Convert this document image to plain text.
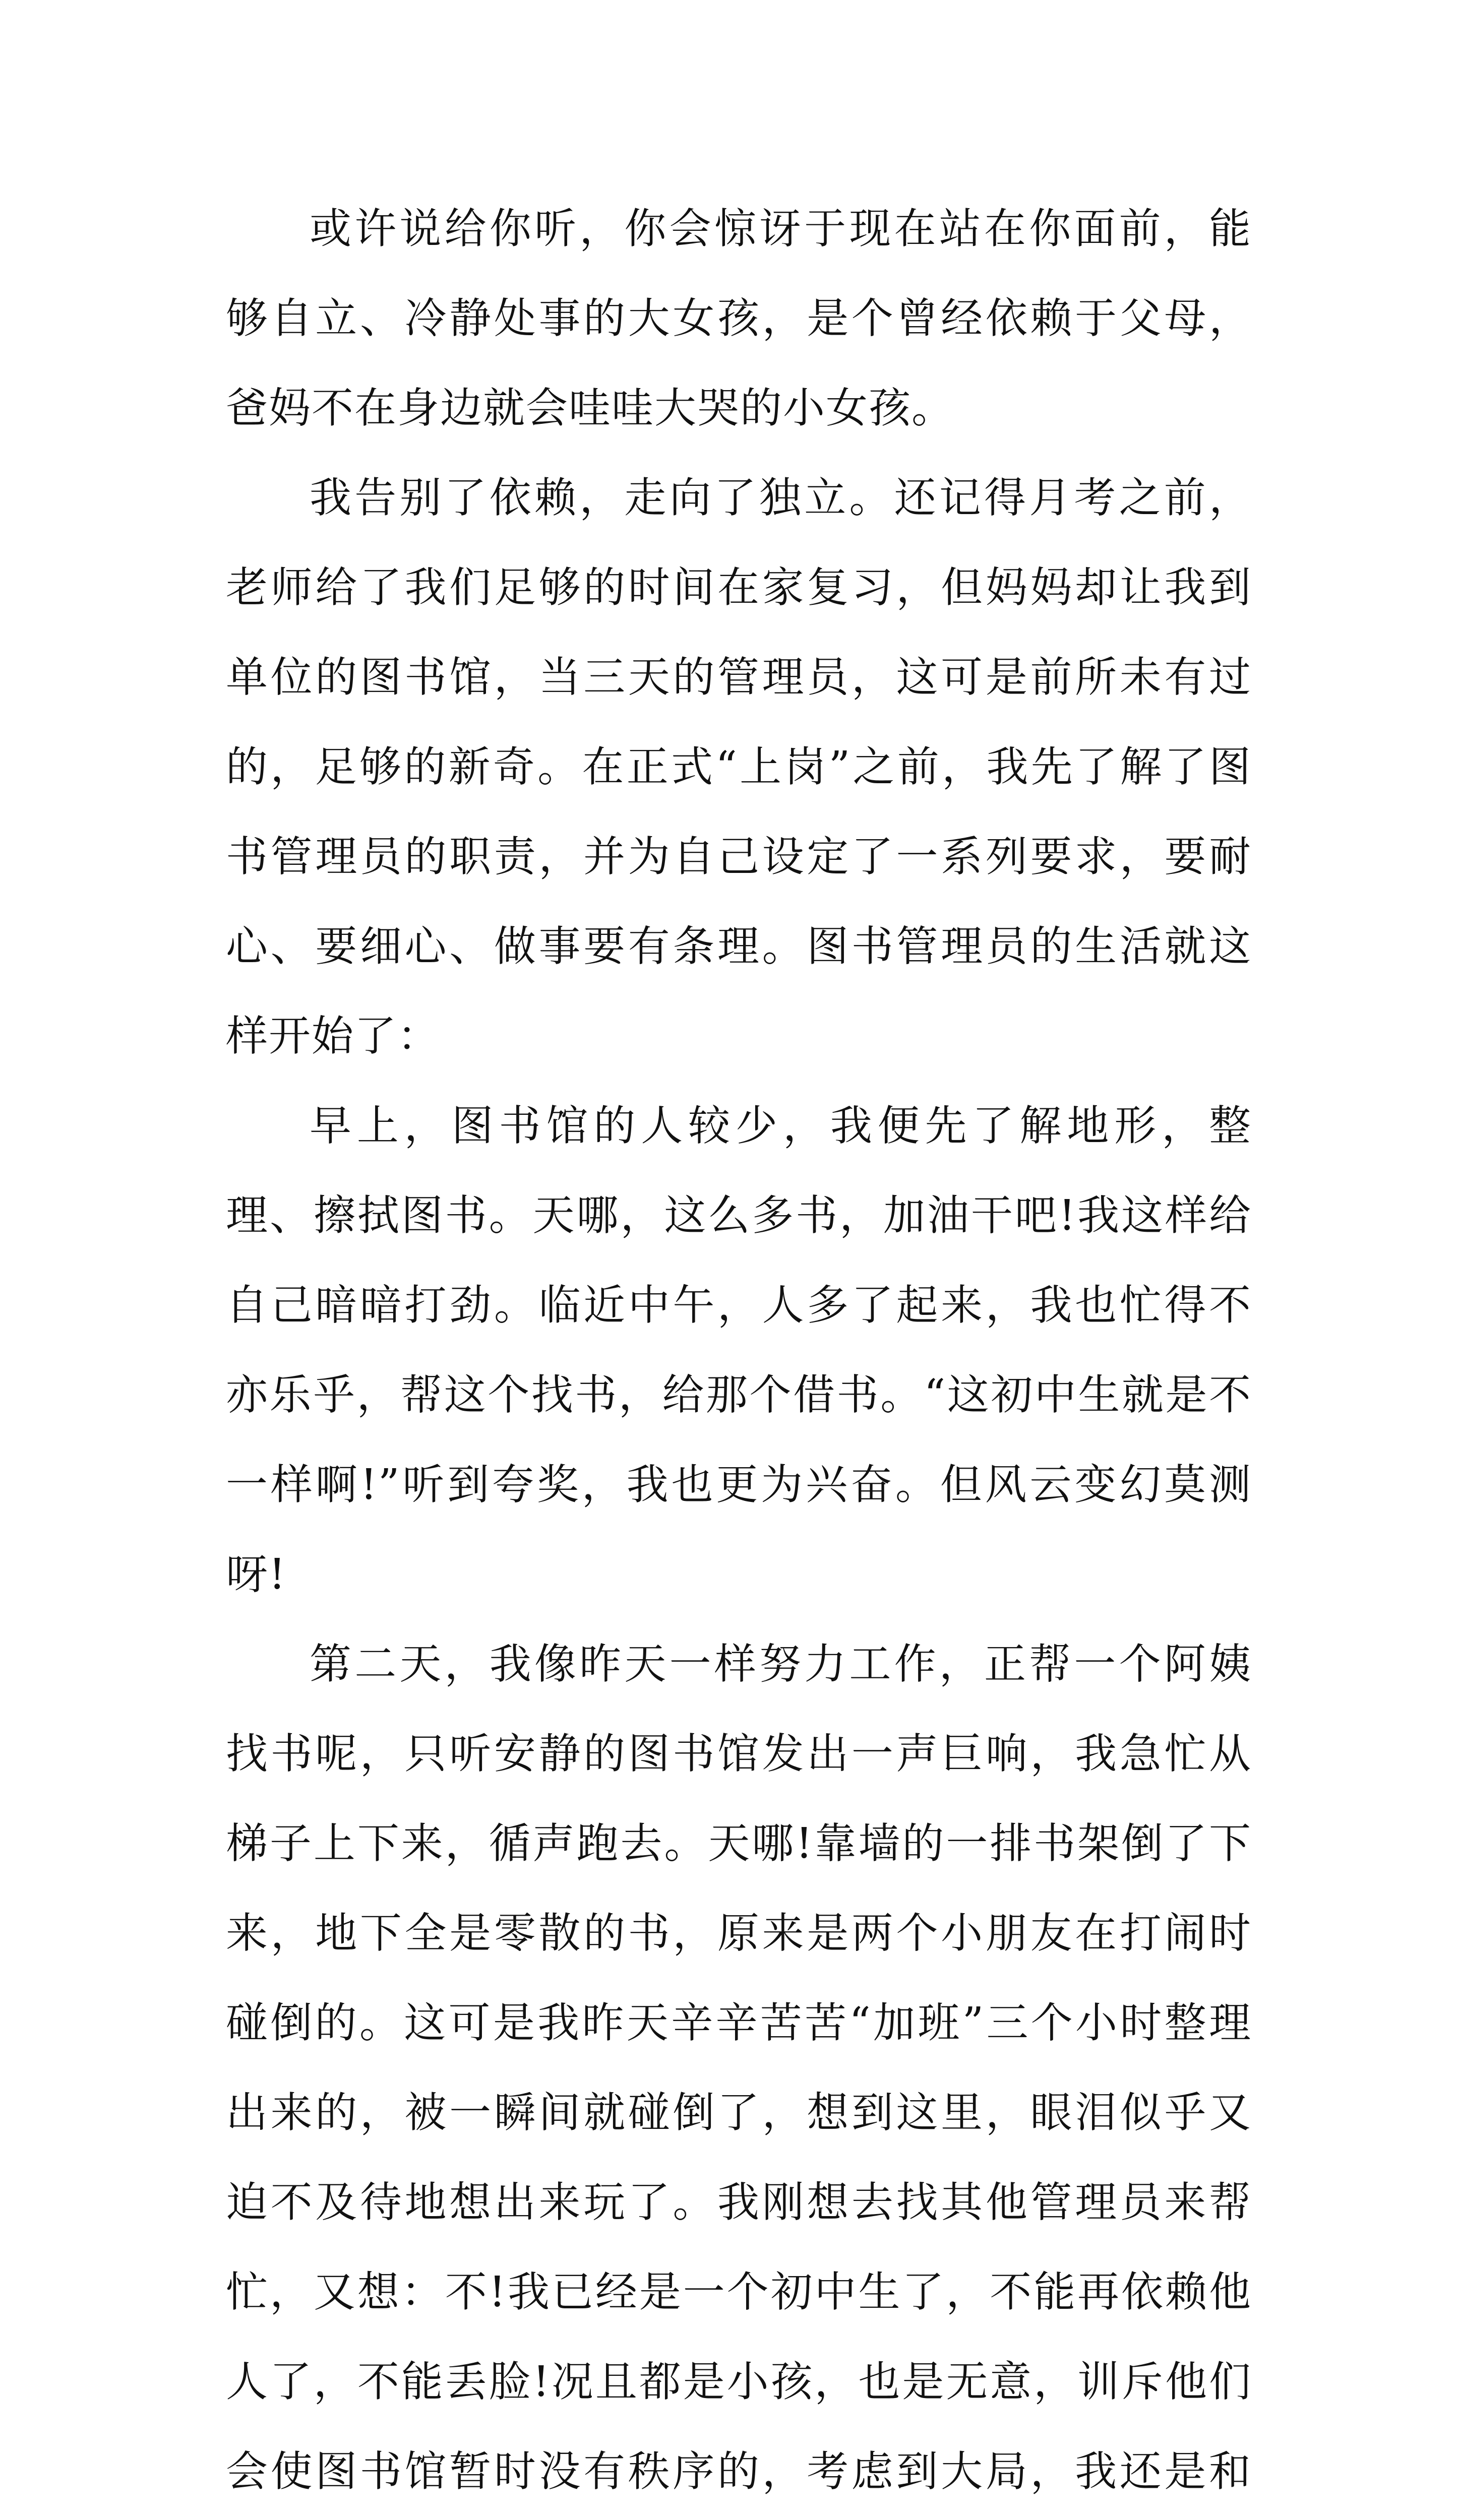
或许说给你听，你会惊讶于现在站在你面前，能够自立、冷静处事的大女孩，是个曾经依赖于父母，爸妈不在身边就会哇哇大哭的小女孩。

我告别了依赖，走向了独立。还记得月考之前，老师给了我们足够的时间在家复习，但妈妈却让我到单位的图书馆，当三天的管理员，这可是前所未有过的，足够的新奇。在正式“上岗”之前，我先了解了图书管理员的职责，并为自己设定了一系列要求，要耐心、要细心、做事要有条理。图书管理员的生活就这样开始了：

早上，图书馆的人较少，我便先了解地形，整理、擦拭图书。天哪，这么多书，加油干吧!我这样给自己暗暗打劲。临近中午，人多了起来，我也忙得不亦乐乎，帮这个找书，给那个借书。“这初中生就是不一样啊!”听到夸奖，我也更为兴奋。但风云变幻莫测呀!

第二天，我像昨天一样努力工作，正帮一个阿姨找书呢，只听安静的图书馆发出一声巨响，我急忙从梯子上下来，循声跑去。天哪!靠墙的一排书架倒了下来，地下全是零散的书，原来是两个小朋友在打闹时碰倒的。这可是我昨天辛辛苦苦“加班”三个小时整理出来的，被一瞬间就碰倒了，想到这里，眼泪似乎又迫不及待地想出来玩了。我刚想去找其他管理员来帮忙，又想：不!我已经是一个初中生了，不能再依赖他人了，不能丢脸!况且都是小孩，也是无意，训斥他们会使图书馆暂时没有秩序的，考虑到大局，我还是和
